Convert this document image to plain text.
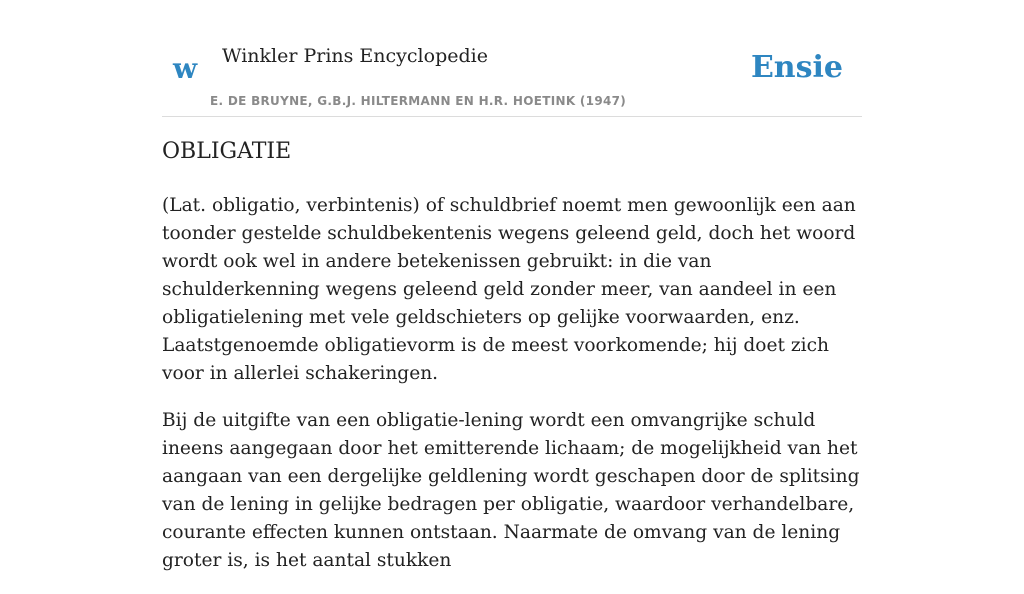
w Winkler Prins Encyclopedie
E. DE BRUYNE, G.B.J. HILTERMANN EN H.R. HOETINK (1947)
Ensie
OBLIGATIE

(Lat. obligatio, verbintenis) of schuldbrief noemt men gewoonlijk een aan toonder gestelde schuldbekentenis wegens geleend geld, doch het woord wordt ook wel in andere betekenissen gebruikt: in die van schulderkenning wegens geleend geld zonder meer, van aandeel in een obligatielening met vele geldschieters op gelijke voorwaarden, enz. Laatstgenoemde obligatievorm is de meest voorkomende; hij doet zich voor in allerlei schakeringen.

Bij de uitgifte van een obligatie-lening wordt een omvangrijke schuld ineens aangegaan door het emitterende lichaam; de mogelijkheid van het aangaan van een dergelijke geldlening wordt geschapen door de splitsing van de lening in gelijke bedragen per obligatie, waardoor verhandelbare, courante effecten kunnen ontstaan. Naarmate de omvang van de lening groter is, is het aantal stukken
